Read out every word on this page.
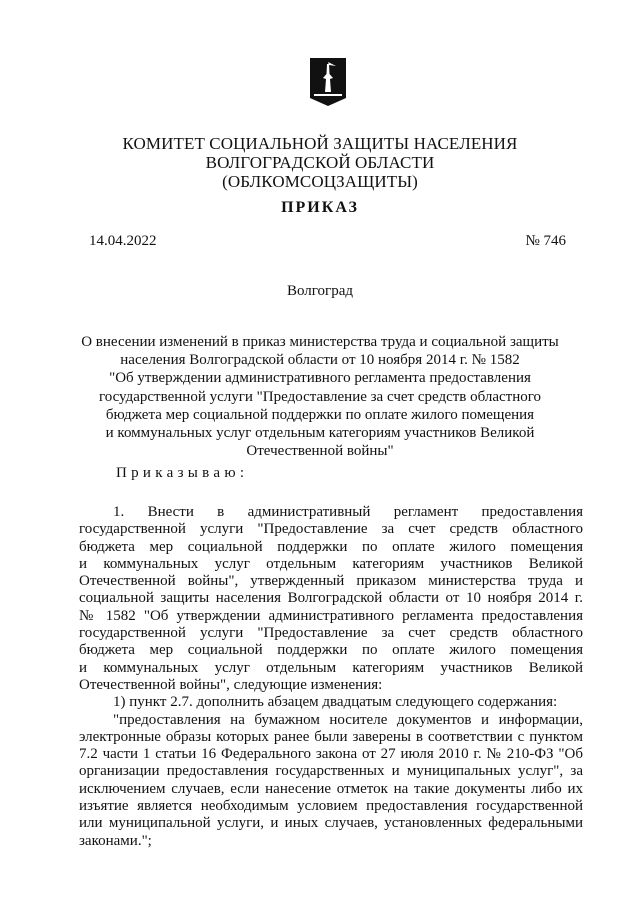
КОМИТЕТ СОЦИАЛЬНОЙ ЗАЩИТЫ НАСЕЛЕНИЯ
ВОЛГОГРАДСКОЙ ОБЛАСТИ
(ОБЛКОМСОЦЗАЩИТЫ)
ПРИКАЗ
14.04.2022	№ 746
Волгоград
О внесении изменений в приказ министерства труда и социальной защиты
населения Волгоградской области от 10 ноября 2014 г. № 1582
"Об утверждении административного регламента предоставления
государственной услуги "Предоставление за счет средств областного
бюджета мер социальной поддержки по оплате жилого помещения
и коммунальных услуг отдельным категориям участников Великой
Отечественной войны"
Приказываю:
1. Внести в административный регламент предоставления
государственной услуги "Предоставление за счет средств областного
бюджета мер социальной поддержки по оплате жилого помещения
и коммунальных услуг отдельным категориям участников Великой
Отечественной войны", утвержденный приказом министерства труда и
социальной защиты населения Волгоградской области от 10 ноября 2014 г.
№ 1582 "Об утверждении административного регламента предоставления
государственной услуги "Предоставление за счет средств областного
бюджета мер социальной поддержки по оплате жилого помещения
и коммунальных услуг отдельным категориям участников Великой
Отечественной войны", следующие изменения:
1) пункт 2.7. дополнить абзацем двадцатым следующего содержания:
"предоставления на бумажном носителе документов и информации,
электронные образы которых ранее были заверены в соответствии с пунктом
7.2 части 1 статьи 16 Федерального закона от 27 июля 2010 г. № 210-ФЗ "Об
организации предоставления государственных и муниципальных услуг", за
исключением случаев, если нанесение отметок на такие документы либо их
изъятие является необходимым условием предоставления государственной
или муниципальной услуги, и иных случаев, установленных федеральными
законами.";
